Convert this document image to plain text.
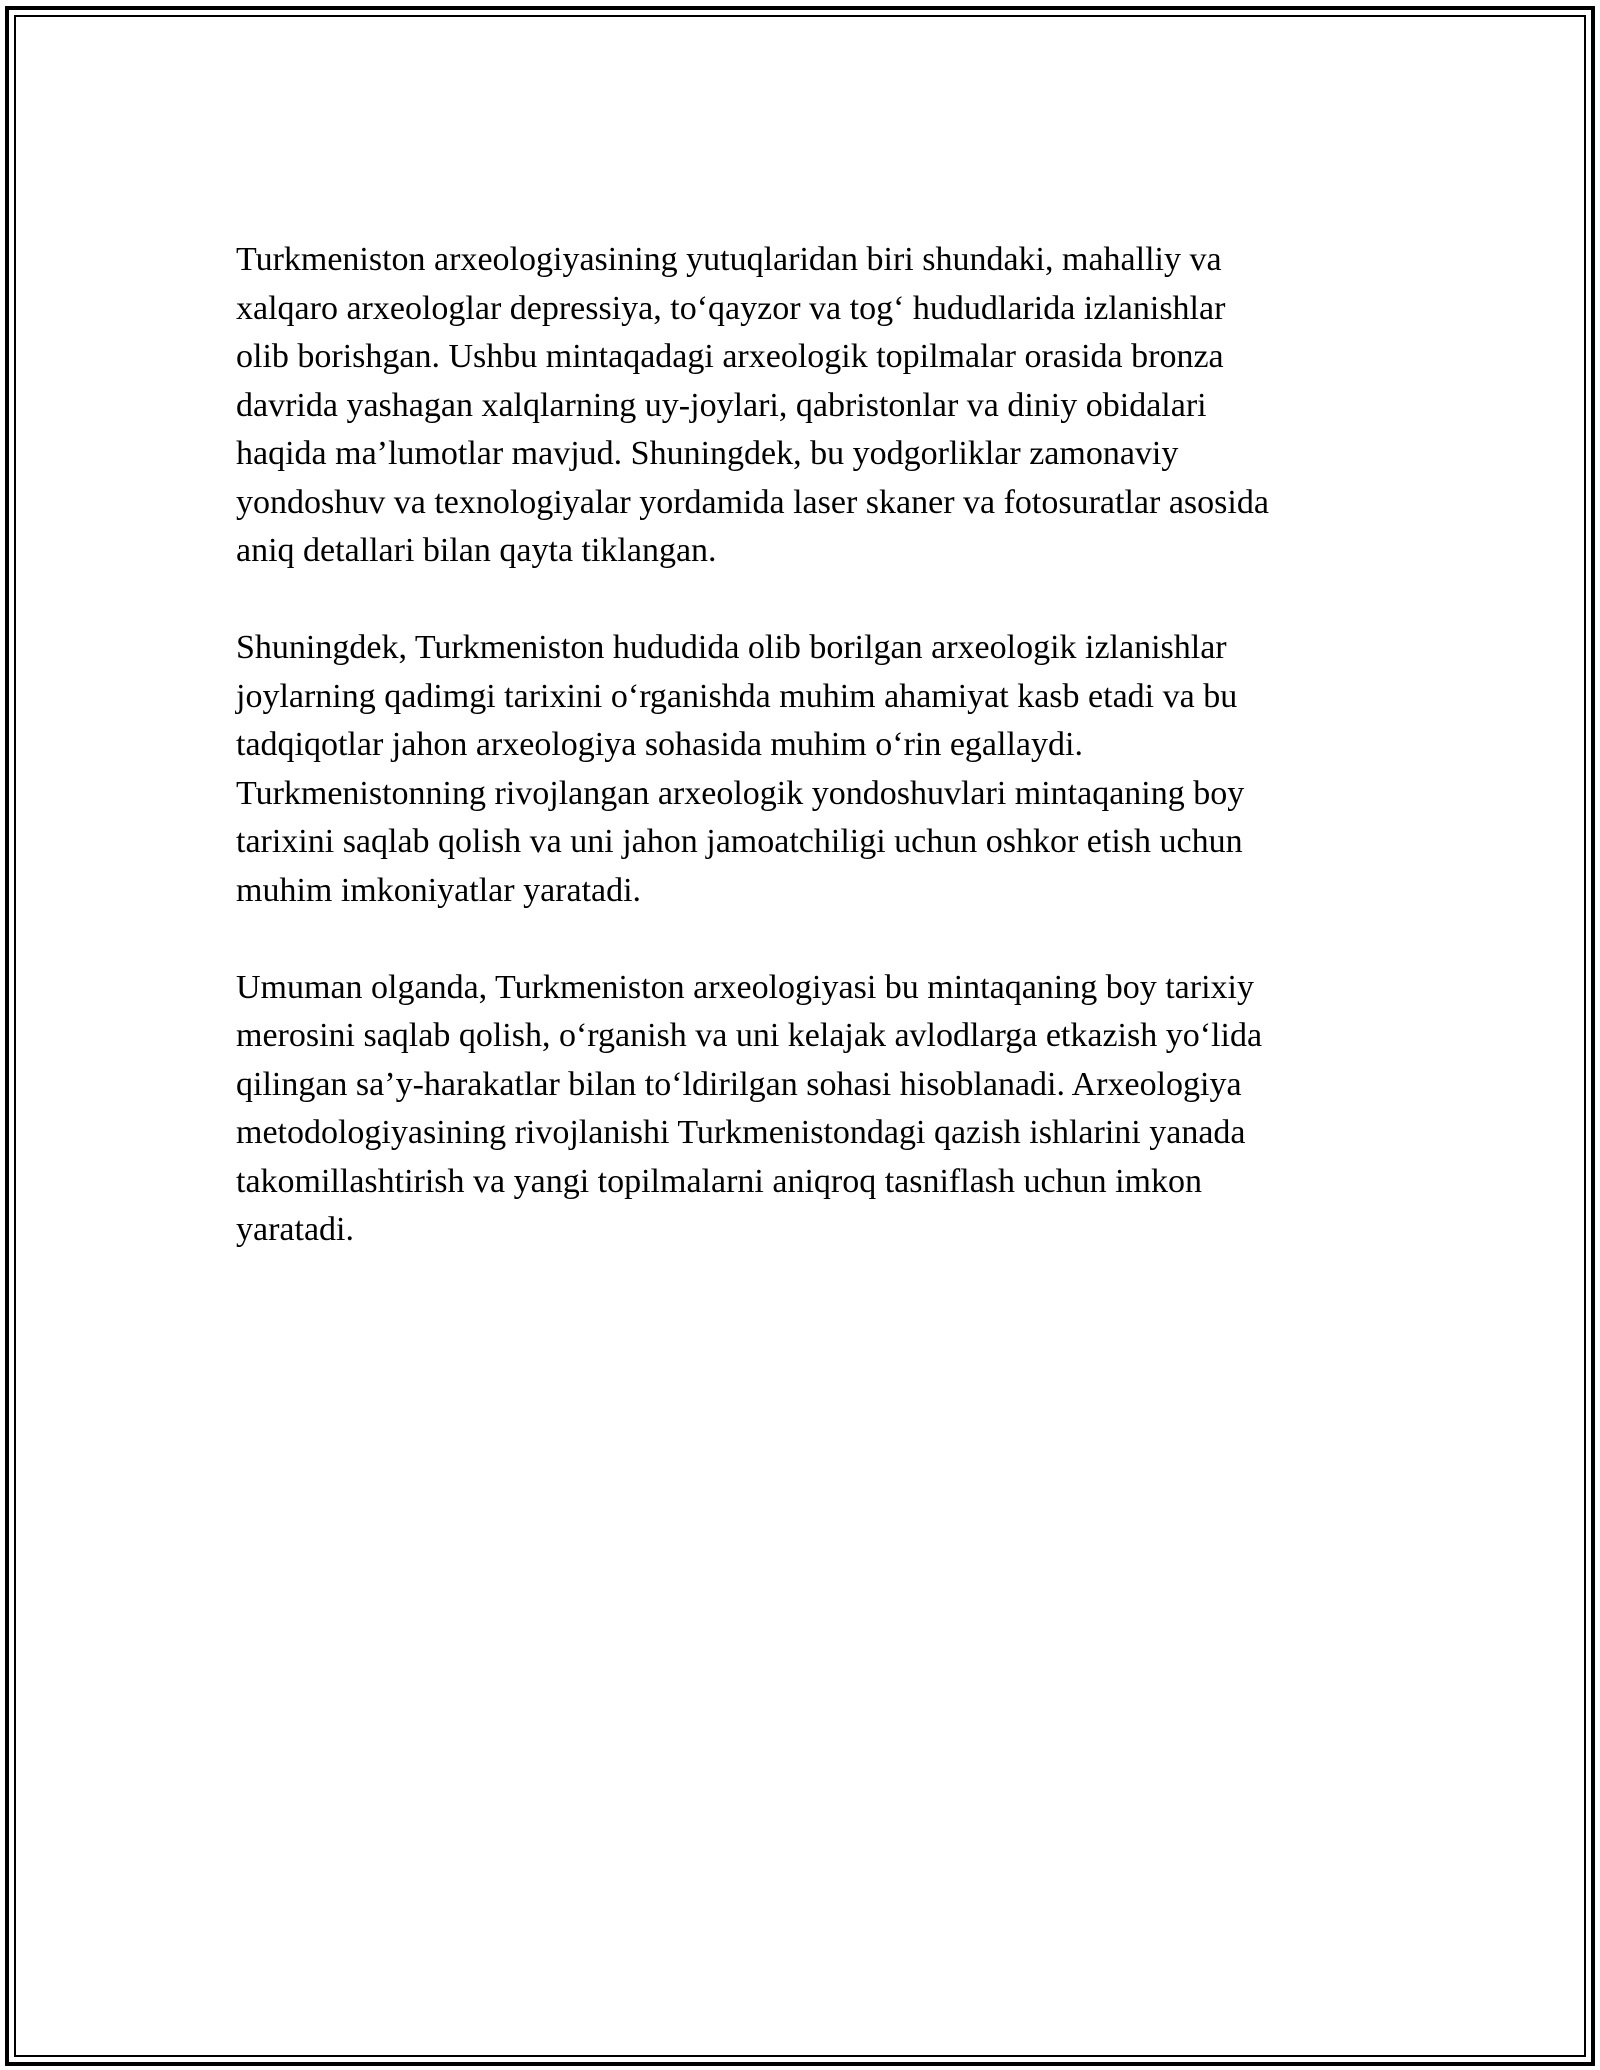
Turkmeniston arxeologiyasining yutuqlaridan biri shundaki, mahalliy va
xalqaro arxeologlar depressiya, to‘qayzor va tog‘ hududlarida izlanishlar
olib borishgan. Ushbu mintaqadagi arxeologik topilmalar orasida bronza
davrida yashagan xalqlarning uy-joylari, qabristonlar va diniy obidalari
haqida ma’lumotlar mavjud. Shuningdek, bu yodgorliklar zamonaviy
yondoshuv va texnologiyalar yordamida laser skaner va fotosuratlar asosida
aniq detallari bilan qayta tiklangan.

Shuningdek, Turkmeniston hududida olib borilgan arxeologik izlanishlar
joylarning qadimgi tarixini o‘rganishda muhim ahamiyat kasb etadi va bu
tadqiqotlar jahon arxeologiya sohasida muhim o‘rin egallaydi.
Turkmenistonning rivojlangan arxeologik yondoshuvlari mintaqaning boy
tarixini saqlab qolish va uni jahon jamoatchiligi uchun oshkor etish uchun
muhim imkoniyatlar yaratadi.

Umuman olganda, Turkmeniston arxeologiyasi bu mintaqaning boy tarixiy
merosini saqlab qolish, o‘rganish va uni kelajak avlodlarga etkazish yo‘lida
qilingan sa’y-harakatlar bilan to‘ldirilgan sohasi hisoblanadi. Arxeologiya
metodologiyasining rivojlanishi Turkmenistondagi qazish ishlarini yanada
takomillashtirish va yangi topilmalarni aniqroq tasniflash uchun imkon
yaratadi.
